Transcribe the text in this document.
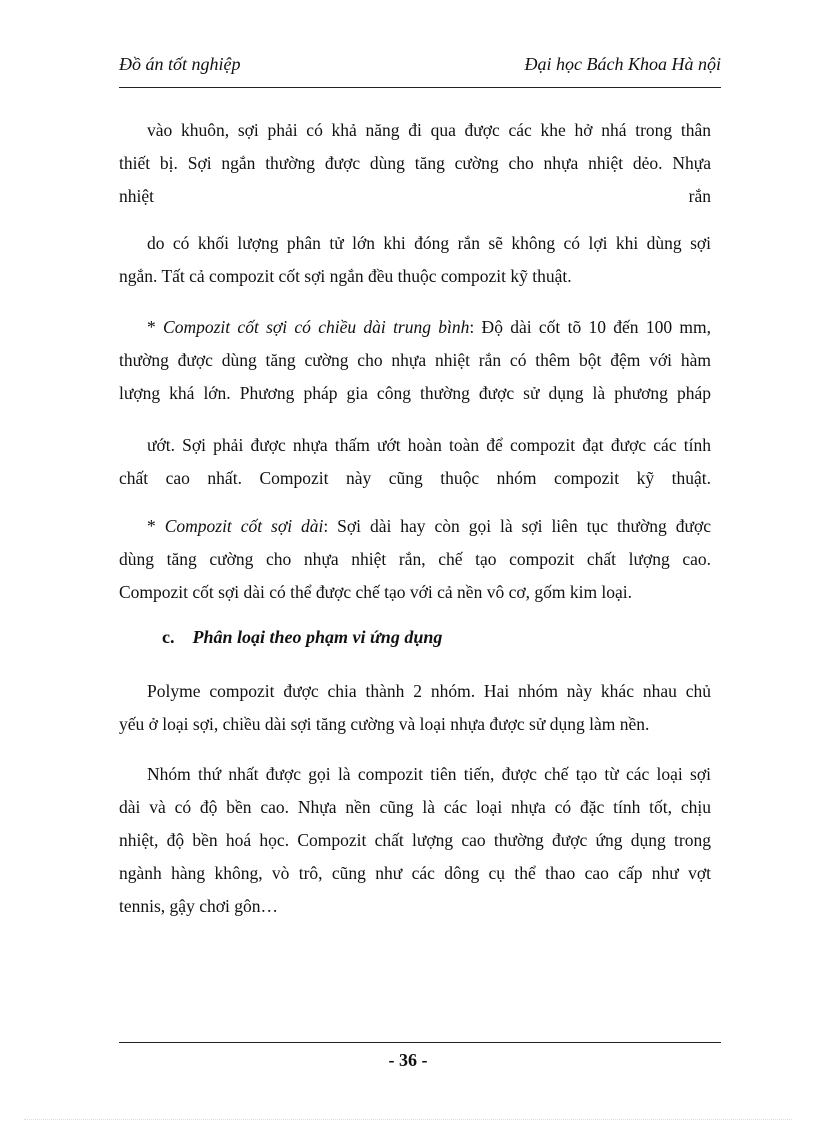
Đồ án tốt nghiệp	Đại học Bách Khoa Hà nội
vào khuôn, sợi phải có khả năng đi qua được các khe hở nhá trong thân
thiết bị. Sợi ngắn thường được dùng tăng cường cho nhựa nhiệt dẻo. Nhựa
nhiệt	rắn
do có khối lượng phân tử lớn khi đóng rắn sẽ không có lợi khi dùng sợi
ngắn. Tất cả compozit cốt sợi ngắn đều thuộc compozit kỹ thuật.
* Compozit cốt sợi có chiều dài trung bình: Độ dài cốt tõ 10 đến 100 mm,
thường được dùng tăng cường cho nhựa nhiệt rắn có thêm bột đệm với hàm
lượng khá lớn. Phương pháp gia công thường được sử dụng là phương pháp
ướt. Sợi phải được nhựa thấm ướt hoàn toàn để compozit đạt được các tính
chất cao nhất. Compozit này cũng thuộc nhóm compozit kỹ thuật.
* Compozit cốt sợi dài: Sợi dài hay còn gọi là sợi liên tục thường được
dùng tăng cường cho nhựa nhiệt rắn, chế tạo compozit chất lượng cao.
Compozit cốt sợi dài có thể được chế tạo với cả nền vô cơ, gốm kim loại.
c. Phân loại theo phạm vi ứng dụng
Polyme compozit được chia thành 2 nhóm. Hai nhóm này khác nhau chủ
yếu ở loại sợi, chiều dài sợi tăng cường và loại nhựa được sử dụng làm nền.
Nhóm thứ nhất được gọi là compozit tiên tiến, được chế tạo từ các loại sợi
dài và có độ bền cao. Nhựa nền cũng là các loại nhựa có đặc tính tốt, chịu
nhiệt, độ bền hoá học. Compozit chất lượng cao thường được ứng dụng trong
ngành hàng không, vò trô, cũng như các dông cụ thể thao cao cấp như vợt
tennis, gậy chơi gôn…
- 36 -
